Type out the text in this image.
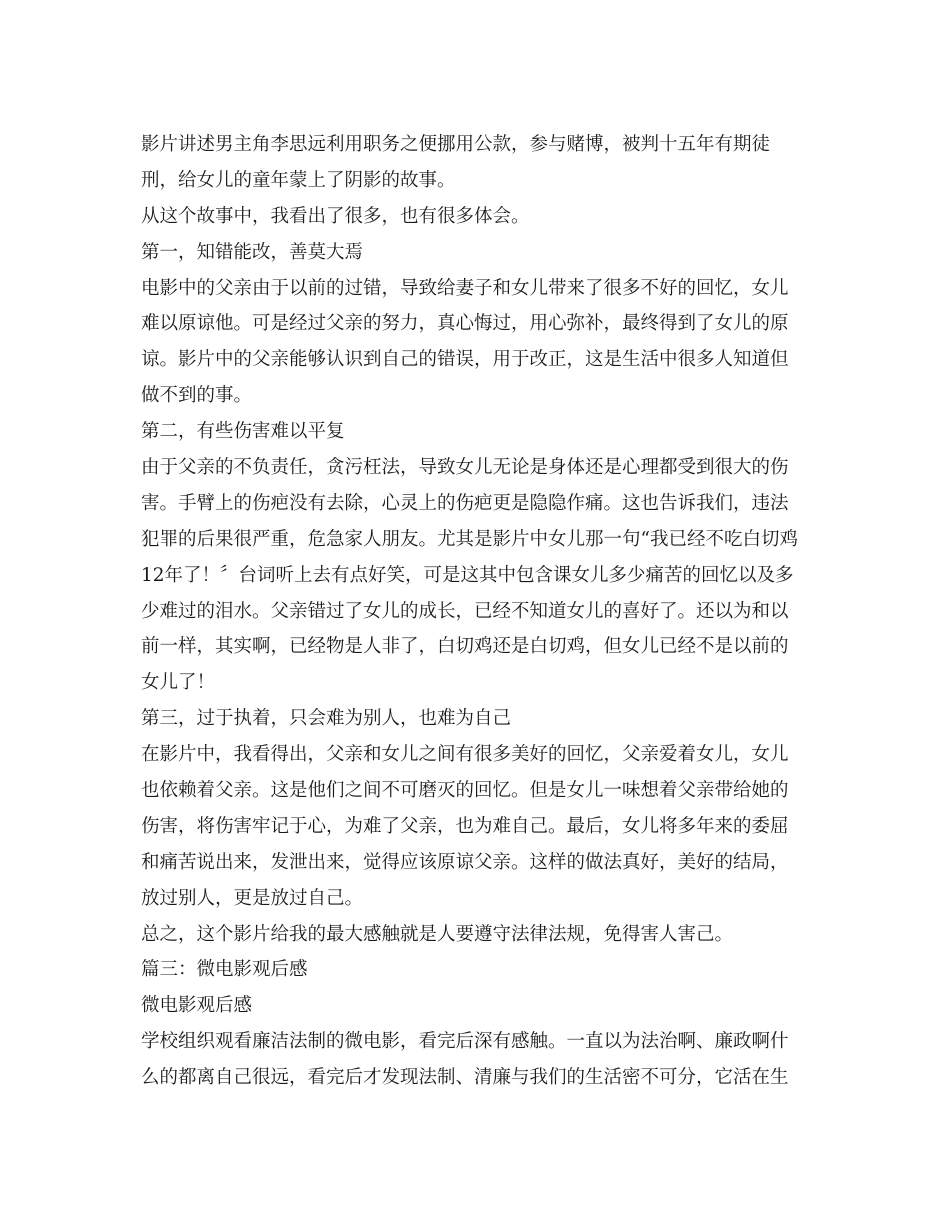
影片讲述男主角李思远利用职务之便挪用公款，参与赌博，被判十五年有期徒
刑，给女儿的童年蒙上了阴影的故事。
从这个故事中，我看出了很多，也有很多体会。
第一，知错能改，善莫大焉
电影中的父亲由于以前的过错，导致给妻子和女儿带来了很多不好的回忆，女儿
难以原谅他。可是经过父亲的努力，真心悔过，用心弥补，最终得到了女儿的原
谅。影片中的父亲能够认识到自己的错误，用于改正，这是生活中很多人知道但
做不到的事。
第二，有些伤害难以平复
由于父亲的不负责任，贪污枉法，导致女儿无论是身体还是心理都受到很大的伤
害。手臂上的伤疤没有去除，心灵上的伤疤更是隐隐作痛。这也告诉我们，违法
犯罪的后果很严重，危急家人朋友。尤其是影片中女儿那一句“我已经不吃白切鸡
12年了！〞台词听上去有点好笑，可是这其中包含课女儿多少痛苦的回忆以及多
少难过的泪水。父亲错过了女儿的成长，已经不知道女儿的喜好了。还以为和以
前一样，其实啊，已经物是人非了，白切鸡还是白切鸡，但女儿已经不是以前的
女儿了！
第三，过于执着，只会难为别人，也难为自己
在影片中，我看得出，父亲和女儿之间有很多美好的回忆，父亲爱着女儿，女儿
也依赖着父亲。这是他们之间不可磨灭的回忆。但是女儿一味想着父亲带给她的
伤害，将伤害牢记于心，为难了父亲，也为难自己。最后，女儿将多年来的委屈
和痛苦说出来，发泄出来，觉得应该原谅父亲。这样的做法真好，美好的结局，
放过别人，更是放过自己。
总之，这个影片给我的最大感触就是人要遵守法律法规，免得害人害己。
篇三：微电影观后感
微电影观后感
学校组织观看廉洁法制的微电影，看完后深有感触。一直以为法治啊、廉政啊什
么的都离自己很远，看完后才发现法制、清廉与我们的生活密不可分，它活在生
